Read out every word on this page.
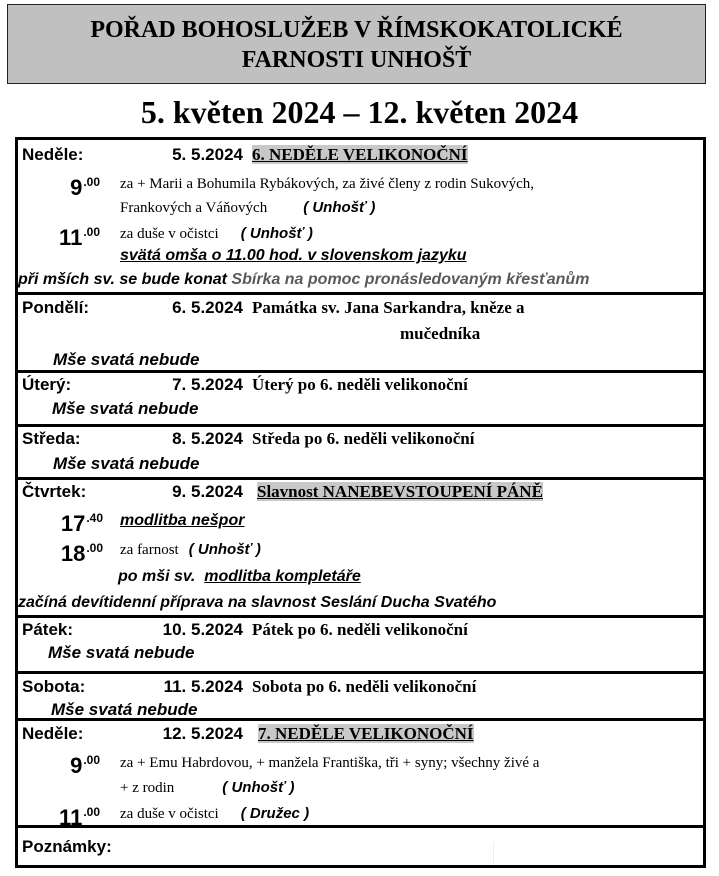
POŘAD BOHOSLUŽEB V ŘÍMSKOKATOLICKÉ
FARNOSTI UNHOŠŤ
5. květen 2024 – 12. květen 2024
Neděle:	5. 5.2024 6. NEDĚLE VELIKONOČNÍ
$9^{.00}$ za + Marii a Bohumila Rybákových, za živé členy z rodin Sukových,
Frankových a Váňových ( Unhošť )
$11^{.00}$ za duše v očistci ( Unhošť )
svätá omša o 11.00 hod. v slovenskom jazyku
při mších sv. se bude konat Sbírka na pomoc pronásledovaným křesťanům
Pondělí:	6. 5.2024 Památka sv. Jana Sarkandra, kněze a
mučedníka
Mše svatá nebude
Úterý:	7. 5.2024 Úterý po 6. neděli velikonoční
Mše svatá nebude
Středa:	8. 5.2024 Středa po 6. neděli velikonoční
Mše svatá nebude
Čtvrtek:	9. 5.2024 Slavnost NANEBEVSTOUPENÍ PÁNĚ
$17^{.40}$ modlitba nešpor
$18^{.00}$ za farnost ( Unhošť )
po mši sv. modlitba kompletáře
začíná devítidenní příprava na slavnost Seslání Ducha Svatého
Pátek:	10. 5.2024 Pátek po 6. neděli velikonoční
Mše svatá nebude
Sobota:	11. 5.2024 Sobota po 6. neděli velikonoční
Mše svatá nebude
Neděle:	12. 5.2024 7. NEDĚLE VELIKONOČNÍ
$9^{.00}$ za + Emu Habrdovou, + manžela Františka, tři + syny; všechny živé a
+ z rodin	( Unhošť )
$11^{.00}$ za duše v očistci ( Družec )
Poznámky:
